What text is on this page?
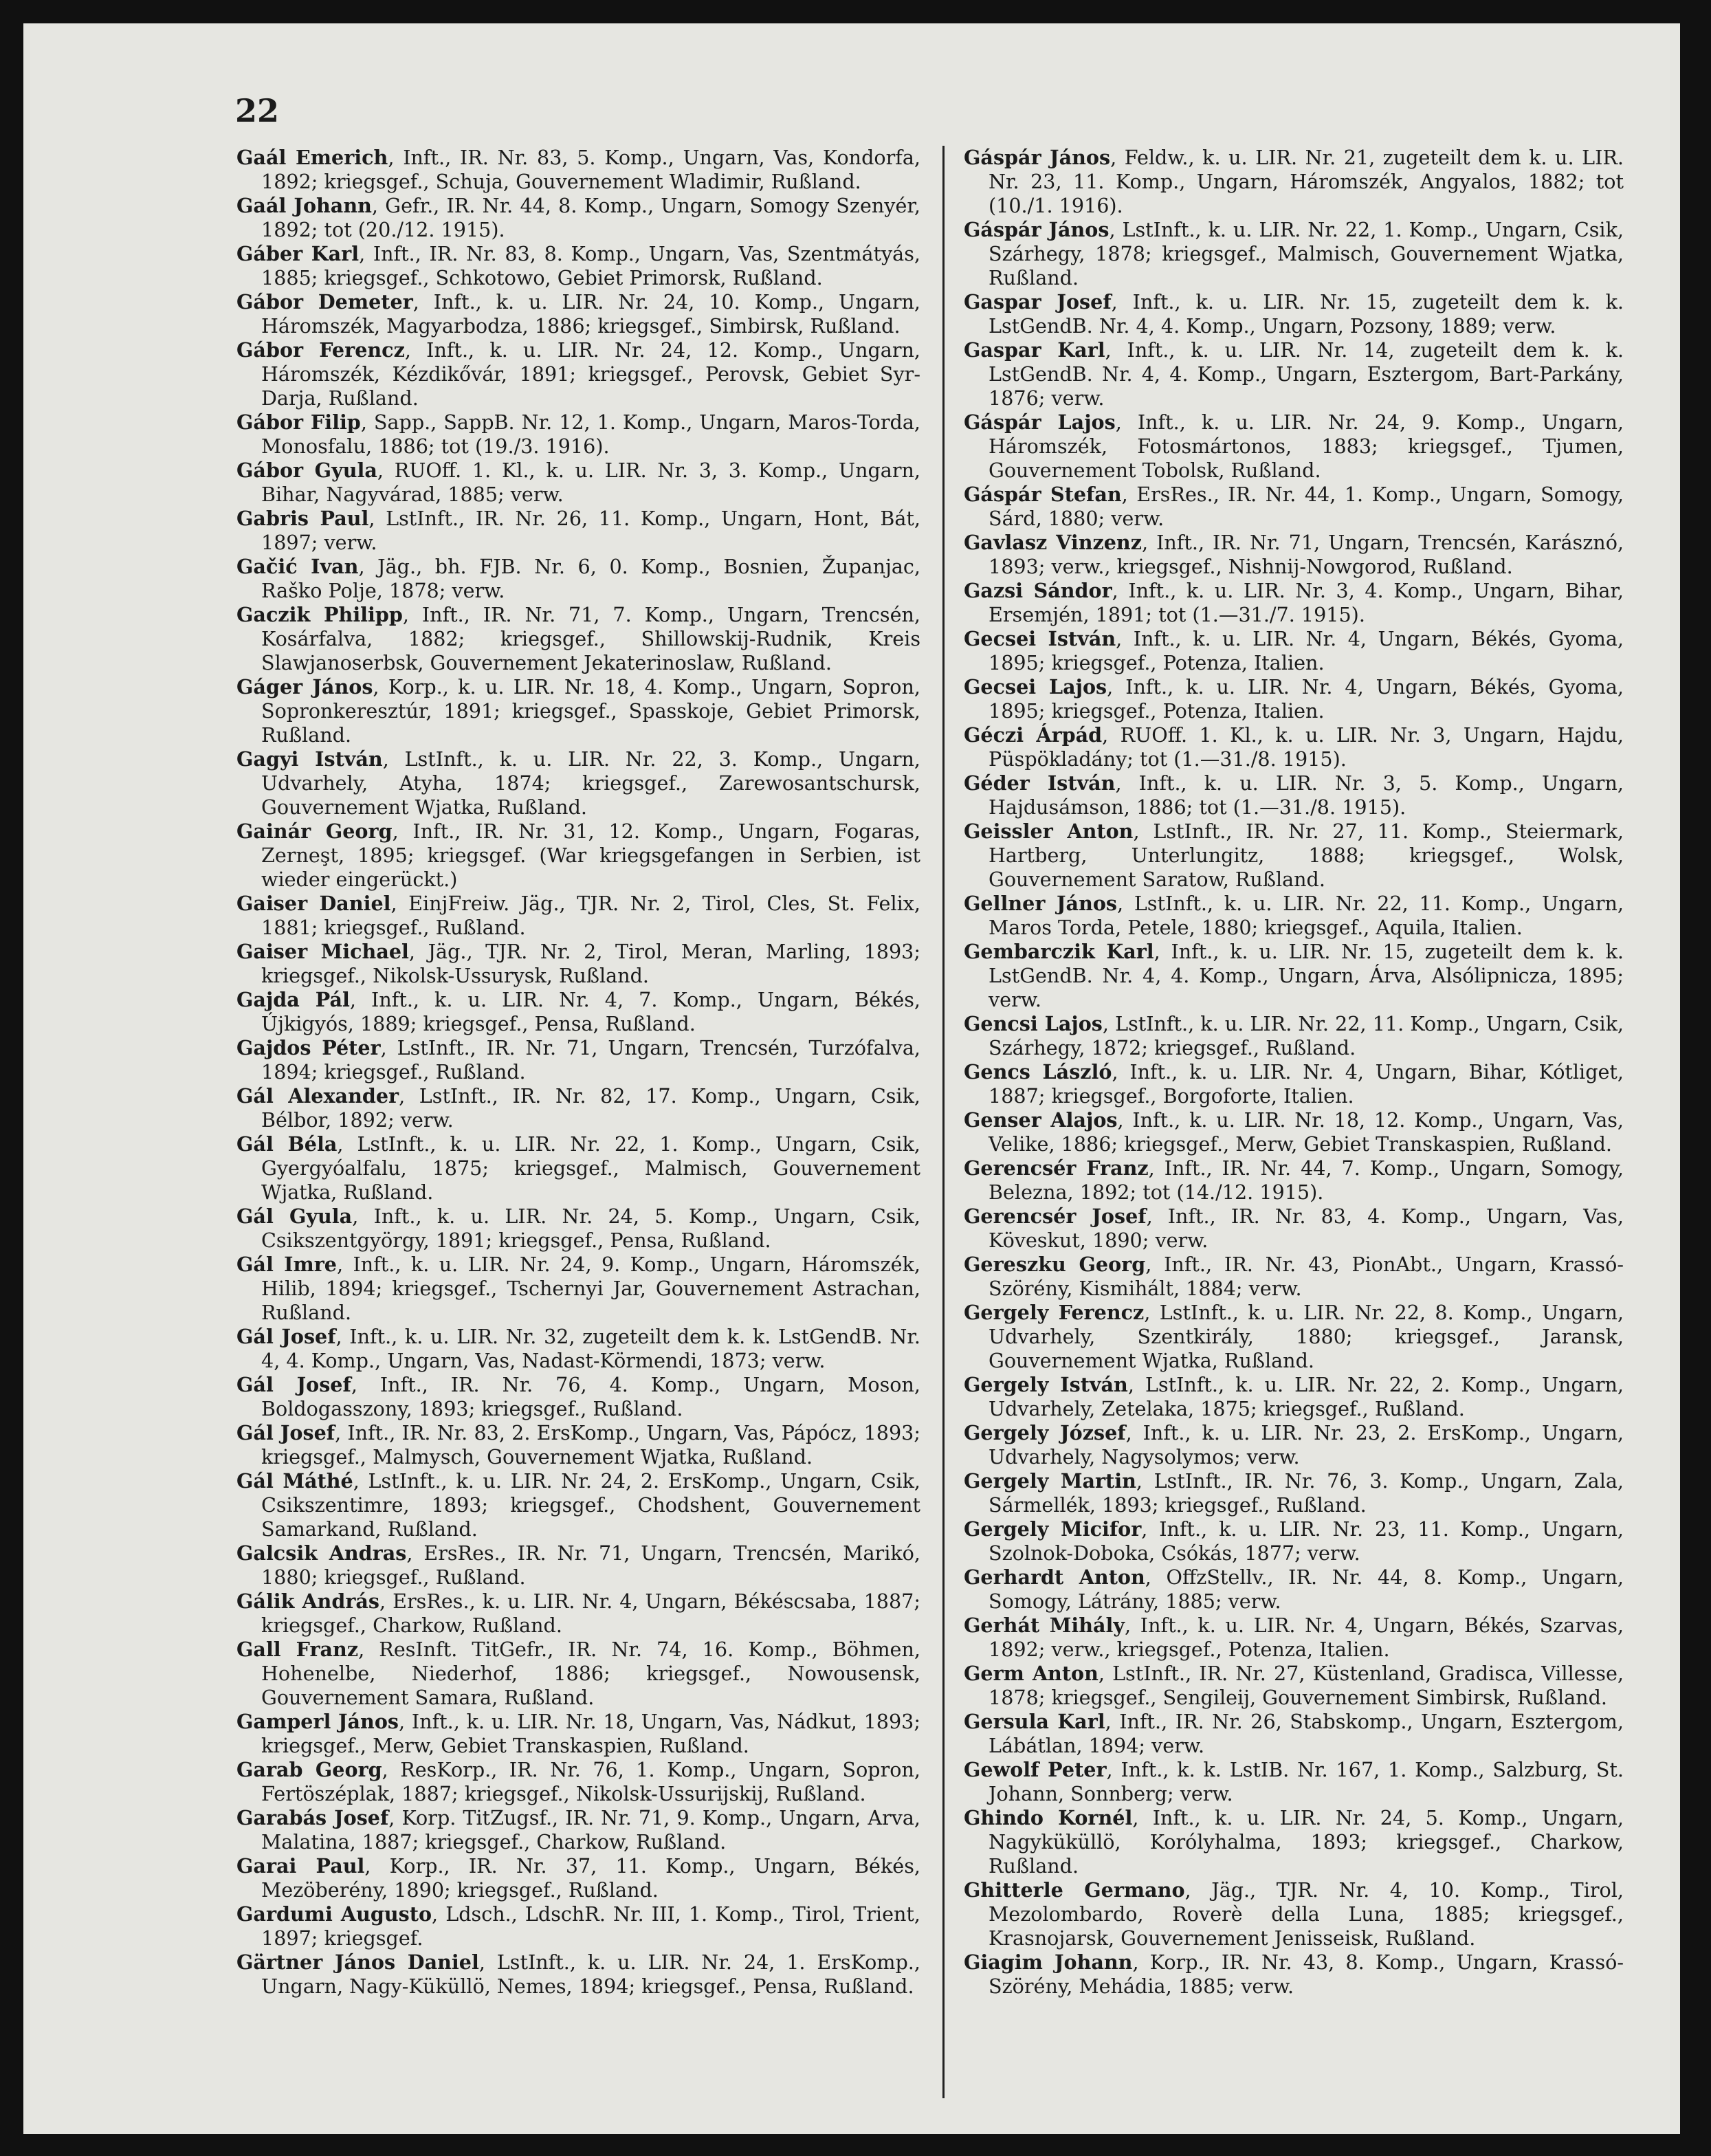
22
Gaál Emerich, Inft., IR. Nr. 83, 5. Komp., Ungarn, Vas, Kondorfa, 1892; kriegsgef., Schuja, Gouvernement Wladimir, Rußland.
Gaál Johann, Gefr., IR. Nr. 44, 8. Komp., Ungarn, Somogy Szenyér, 1892; tot (20./12. 1915).
Gáber Karl, Inft., IR. Nr. 83, 8. Komp., Ungarn, Vas, Szentmátyás, 1885; kriegsgef., Schkotowo, Gebiet Primorsk, Rußland.
Gábor Demeter, Inft., k. u. LIR. Nr. 24, 10. Komp., Ungarn, Háromszék, Magyarbodza, 1886; kriegsgef., Simbirsk, Rußland.
Gábor Ferencz, Inft., k. u. LIR. Nr. 24, 12. Komp., Ungarn, Háromszék, Kézdikővár, 1891; kriegsgef., Perovsk, Gebiet Syr-Darja, Rußland.
Gábor Filip, Sapp., SappB. Nr. 12, 1. Komp., Ungarn, Maros-Torda, Monosfalu, 1886; tot (19./3. 1916).
Gábor Gyula, RUOff. 1. Kl., k. u. LIR. Nr. 3, 3. Komp., Ungarn, Bihar, Nagyvárad, 1885; verw.
Gabris Paul, LstInft., IR. Nr. 26, 11. Komp., Ungarn, Hont, Bát, 1897; verw.
Gačić Ivan, Jäg., bh. FJB. Nr. 6, 0. Komp., Bosnien, Županjac, Raško Polje, 1878; verw.
Gaczik Philipp, Inft., IR. Nr. 71, 7. Komp., Ungarn, Trencsén, Kosárfalva, 1882; kriegsgef., Shillowskij-Rudnik, Kreis Slawjanoserbsk, Gouvernement Jekaterinoslaw, Rußland.
Gáger János, Korp., k. u. LIR. Nr. 18, 4. Komp., Ungarn, Sopron, Sopronkeresztúr, 1891; kriegsgef., Spasskoje, Gebiet Primorsk, Rußland.
Gagyi István, LstInft., k. u. LIR. Nr. 22, 3. Komp., Ungarn, Udvarhely, Atyha, 1874; kriegsgef., Zarewosantschursk, Gouvernement Wjatka, Rußland.
Gainár Georg, Inft., IR. Nr. 31, 12. Komp., Ungarn, Fogaras, Zerneşt, 1895; kriegsgef. (War kriegsgefangen in Serbien, ist wieder eingerückt.)
Gaiser Daniel, EinjFreiw. Jäg., TJR. Nr. 2, Tirol, Cles, St. Felix, 1881; kriegsgef., Rußland.
Gaiser Michael, Jäg., TJR. Nr. 2, Tirol, Meran, Marling, 1893; kriegsgef., Nikolsk-Ussurysk, Rußland.
Gajda Pál, Inft., k. u. LIR. Nr. 4, 7. Komp., Ungarn, Békés, Újkigyós, 1889; kriegsgef., Pensa, Rußland.
Gajdos Péter, LstInft., IR. Nr. 71, Ungarn, Trencsén, Turzófalva, 1894; kriegsgef., Rußland.
Gál Alexander, LstInft., IR. Nr. 82, 17. Komp., Ungarn, Csik, Bélbor, 1892; verw.
Gál Béla, LstInft., k. u. LIR. Nr. 22, 1. Komp., Ungarn, Csik, Gyergyóalfalu, 1875; kriegsgef., Malmisch, Gouvernement Wjatka, Rußland.
Gál Gyula, Inft., k. u. LIR. Nr. 24, 5. Komp., Ungarn, Csik, Csikszentgyörgy, 1891; kriegsgef., Pensa, Rußland.
Gál Imre, Inft., k. u. LIR. Nr. 24, 9. Komp., Ungarn, Háromszék, Hilib, 1894; kriegsgef., Tschernyi Jar, Gouvernement Astrachan, Rußland.
Gál Josef, Inft., k. u. LIR. Nr. 32, zugeteilt dem k. k. LstGendB. Nr. 4, 4. Komp., Ungarn, Vas, Nadast-Körmendi, 1873; verw.
Gál Josef, Inft., IR. Nr. 76, 4. Komp., Ungarn, Moson, Boldogasszony, 1893; kriegsgef., Rußland.
Gál Josef, Inft., IR. Nr. 83, 2. ErsKomp., Ungarn, Vas, Pápócz, 1893; kriegsgef., Malmysch, Gouvernement Wjatka, Rußland.
Gál Máthé, LstInft., k. u. LIR. Nr. 24, 2. ErsKomp., Ungarn, Csik, Csikszentimre, 1893; kriegsgef., Chodshent, Gouvernement Samarkand, Rußland.
Galcsik Andras, ErsRes., IR. Nr. 71, Ungarn, Trencsén, Marikó, 1880; kriegsgef., Rußland.
Gálik András, ErsRes., k. u. LIR. Nr. 4, Ungarn, Békéscsaba, 1887; kriegsgef., Charkow, Rußland.
Gall Franz, ResInft. TitGefr., IR. Nr. 74, 16. Komp., Böhmen, Hohenelbe, Niederhof, 1886; kriegsgef., Nowousensk, Gouvernement Samara, Rußland.
Gamperl János, Inft., k. u. LIR. Nr. 18, Ungarn, Vas, Nádkut, 1893; kriegsgef., Merw, Gebiet Transkaspien, Rußland.
Garab Georg, ResKorp., IR. Nr. 76, 1. Komp., Ungarn, Sopron, Fertöszéplak, 1887; kriegsgef., Nikolsk-Ussurijskij, Rußland.
Garabás Josef, Korp. TitZugsf., IR. Nr. 71, 9. Komp., Ungarn, Arva, Malatina, 1887; kriegsgef., Charkow, Rußland.
Garai Paul, Korp., IR. Nr. 37, 11. Komp., Ungarn, Békés, Mezöberény, 1890; kriegsgef., Rußland.
Gardumi Augusto, Ldsch., LdschR. Nr. III, 1. Komp., Tirol, Trient, 1897; kriegsgef.
Gärtner János Daniel, LstInft., k. u. LIR. Nr. 24, 1. ErsKomp., Ungarn, Nagy-Küküllö, Nemes, 1894; kriegsgef., Pensa, Rußland.
Gáspár János, Feldw., k. u. LIR. Nr. 21, zugeteilt dem k. u. LIR. Nr. 23, 11. Komp., Ungarn, Háromszék, Angyalos, 1882; tot (10./1. 1916).
Gáspár János, LstInft., k. u. LIR. Nr. 22, 1. Komp., Ungarn, Csik, Szárhegy, 1878; kriegsgef., Malmisch, Gouvernement Wjatka, Rußland.
Gaspar Josef, Inft., k. u. LIR. Nr. 15, zugeteilt dem k. k. LstGendB. Nr. 4, 4. Komp., Ungarn, Pozsony, 1889; verw.
Gaspar Karl, Inft., k. u. LIR. Nr. 14, zugeteilt dem k. k. LstGendB. Nr. 4, 4. Komp., Ungarn, Esztergom, Bart-Parkány, 1876; verw.
Gáspár Lajos, Inft., k. u. LIR. Nr. 24, 9. Komp., Ungarn, Háromszék, Fotosmártonos, 1883; kriegsgef., Tjumen, Gouvernement Tobolsk, Rußland.
Gáspár Stefan, ErsRes., IR. Nr. 44, 1. Komp., Ungarn, Somogy, Sárd, 1880; verw.
Gavlasz Vinzenz, Inft., IR. Nr. 71, Ungarn, Trencsén, Karásznó, 1893; verw., kriegsgef., Nishnij-Nowgorod, Rußland.
Gazsi Sándor, Inft., k. u. LIR. Nr. 3, 4. Komp., Ungarn, Bihar, Ersemjén, 1891; tot (1.—31./7. 1915).
Gecsei István, Inft., k. u. LIR. Nr. 4, Ungarn, Békés, Gyoma, 1895; kriegsgef., Potenza, Italien.
Gecsei Lajos, Inft., k. u. LIR. Nr. 4, Ungarn, Békés, Gyoma, 1895; kriegsgef., Potenza, Italien.
Géczi Árpád, RUOff. 1. Kl., k. u. LIR. Nr. 3, Ungarn, Hajdu, Püspökladány; tot (1.—31./8. 1915).
Géder István, Inft., k. u. LIR. Nr. 3, 5. Komp., Ungarn, Hajdusámson, 1886; tot (1.—31./8. 1915).
Geissler Anton, LstInft., IR. Nr. 27, 11. Komp., Steiermark, Hartberg, Unterlungitz, 1888; kriegsgef., Wolsk, Gouvernement Saratow, Rußland.
Gellner János, LstInft., k. u. LIR. Nr. 22, 11. Komp., Ungarn, Maros Torda, Petele, 1880; kriegsgef., Aquila, Italien.
Gembarczik Karl, Inft., k. u. LIR. Nr. 15, zugeteilt dem k. k. LstGendB. Nr. 4, 4. Komp., Ungarn, Árva, Alsólipnicza, 1895; verw.
Gencsi Lajos, LstInft., k. u. LIR. Nr. 22, 11. Komp., Ungarn, Csik, Szárhegy, 1872; kriegsgef., Rußland.
Gencs László, Inft., k. u. LIR. Nr. 4, Ungarn, Bihar, Kótliget, 1887; kriegsgef., Borgoforte, Italien.
Genser Alajos, Inft., k. u. LIR. Nr. 18, 12. Komp., Ungarn, Vas, Velike, 1886; kriegsgef., Merw, Gebiet Transkaspien, Rußland.
Gerencsér Franz, Inft., IR. Nr. 44, 7. Komp., Ungarn, Somogy, Belezna, 1892; tot (14./12. 1915).
Gerencsér Josef, Inft., IR. Nr. 83, 4. Komp., Ungarn, Vas, Köveskut, 1890; verw.
Gereszku Georg, Inft., IR. Nr. 43, PionAbt., Ungarn, Krassó-Szörény, Kismihált, 1884; verw.
Gergely Ferencz, LstInft., k. u. LIR. Nr. 22, 8. Komp., Ungarn, Udvarhely, Szentkirály, 1880; kriegsgef., Jaransk, Gouvernement Wjatka, Rußland.
Gergely István, LstInft., k. u. LIR. Nr. 22, 2. Komp., Ungarn, Udvarhely, Zetelaka, 1875; kriegsgef., Rußland.
Gergely József, Inft., k. u. LIR. Nr. 23, 2. ErsKomp., Ungarn, Udvarhely, Nagysolymos; verw.
Gergely Martin, LstInft., IR. Nr. 76, 3. Komp., Ungarn, Zala, Sármellék, 1893; kriegsgef., Rußland.
Gergely Micifor, Inft., k. u. LIR. Nr. 23, 11. Komp., Ungarn, Szolnok-Doboka, Csókás, 1877; verw.
Gerhardt Anton, OffzStellv., IR. Nr. 44, 8. Komp., Ungarn, Somogy, Látrány, 1885; verw.
Gerhát Mihály, Inft., k. u. LIR. Nr. 4, Ungarn, Békés, Szarvas, 1892; verw., kriegsgef., Potenza, Italien.
Germ Anton, LstInft., IR. Nr. 27, Küstenland, Gradisca, Villesse, 1878; kriegsgef., Sengileij, Gouvernement Simbirsk, Rußland.
Gersula Karl, Inft., IR. Nr. 26, Stabskomp., Ungarn, Esztergom, Lábátlan, 1894; verw.
Gewolf Peter, Inft., k. k. LstIB. Nr. 167, 1. Komp., Salzburg, St. Johann, Sonnberg; verw.
Ghindo Kornél, Inft., k. u. LIR. Nr. 24, 5. Komp., Ungarn, Nagyküküllö, Korólyhalma, 1893; kriegsgef., Charkow, Rußland.
Ghitterle Germano, Jäg., TJR. Nr. 4, 10. Komp., Tirol, Mezolombardo, Roverè della Luna, 1885; kriegsgef., Krasnojarsk, Gouvernement Jenisseisk, Rußland.
Giagim Johann, Korp., IR. Nr. 43, 8. Komp., Ungarn, Krassó-Szörény, Mehádia, 1885; verw.
